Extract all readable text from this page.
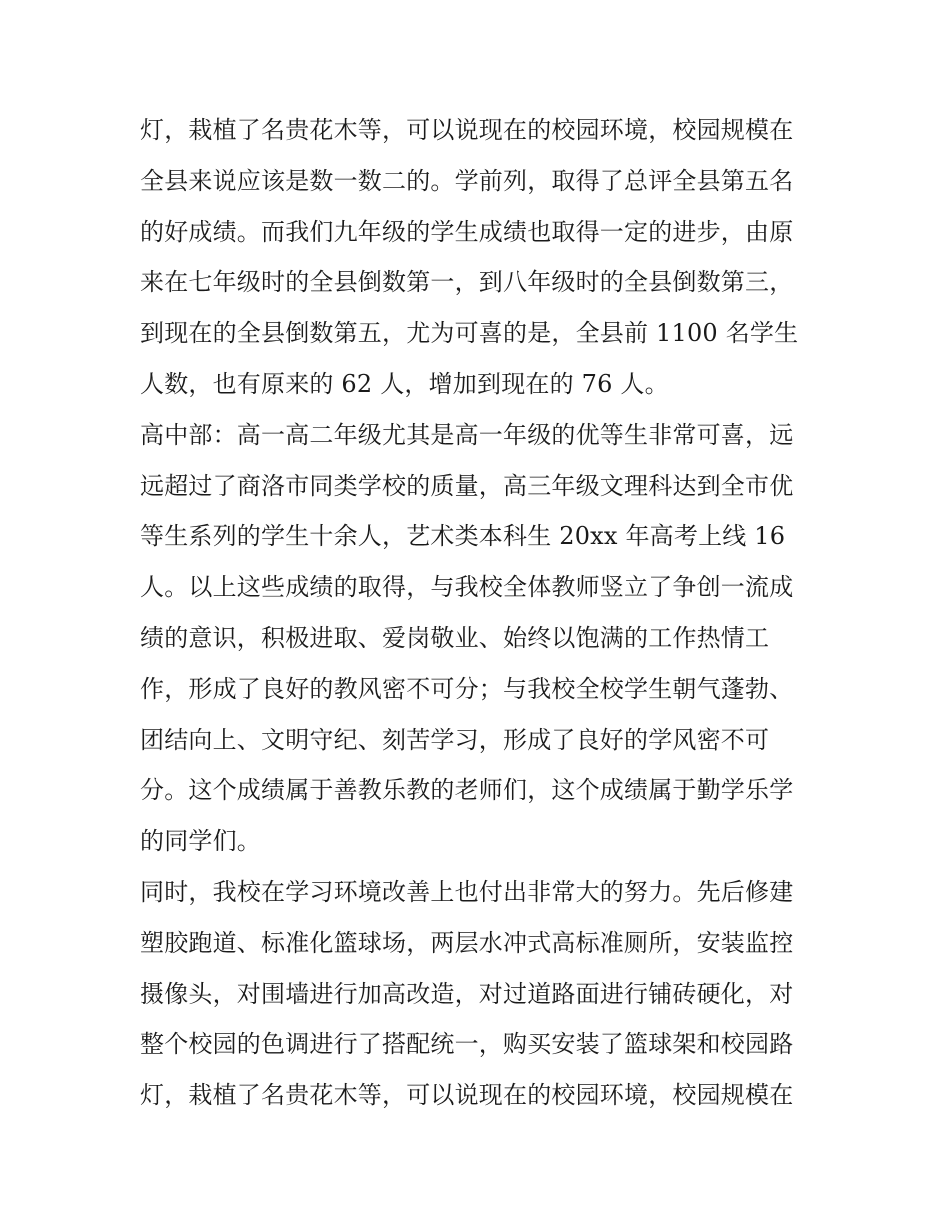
灯，栽植了名贵花木等，可以说现在的校园环境，校园规模在
全县来说应该是数一数二的。学前列，取得了总评全县第五名
的好成绩。而我们九年级的学生成绩也取得一定的进步，由原
来在七年级时的全县倒数第一，到八年级时的全县倒数第三，
到现在的全县倒数第五，尤为可喜的是，全县前 1100 名学生
人数，也有原来的 62 人，增加到现在的 76 人。
高中部：高一高二年级尤其是高一年级的优等生非常可喜，远
远超过了商洛市同类学校的质量，高三年级文理科达到全市优
等生系列的学生十余人，艺术类本科生 20xx 年高考上线 16
人。以上这些成绩的取得，与我校全体教师竖立了争创一流成
绩的意识，积极进取、爱岗敬业、始终以饱满的工作热情工
作，形成了良好的教风密不可分；与我校全校学生朝气蓬勃、
团结向上、文明守纪、刻苦学习，形成了良好的学风密不可
分。这个成绩属于善教乐教的老师们，这个成绩属于勤学乐学
的同学们。
同时，我校在学习环境改善上也付出非常大的努力。先后修建
塑胶跑道、标准化篮球场，两层水冲式高标准厕所，安装监控
摄像头，对围墙进行加高改造，对过道路面进行铺砖硬化，对
整个校园的色调进行了搭配统一，购买安装了篮球架和校园路
灯，栽植了名贵花木等，可以说现在的校园环境，校园规模在
